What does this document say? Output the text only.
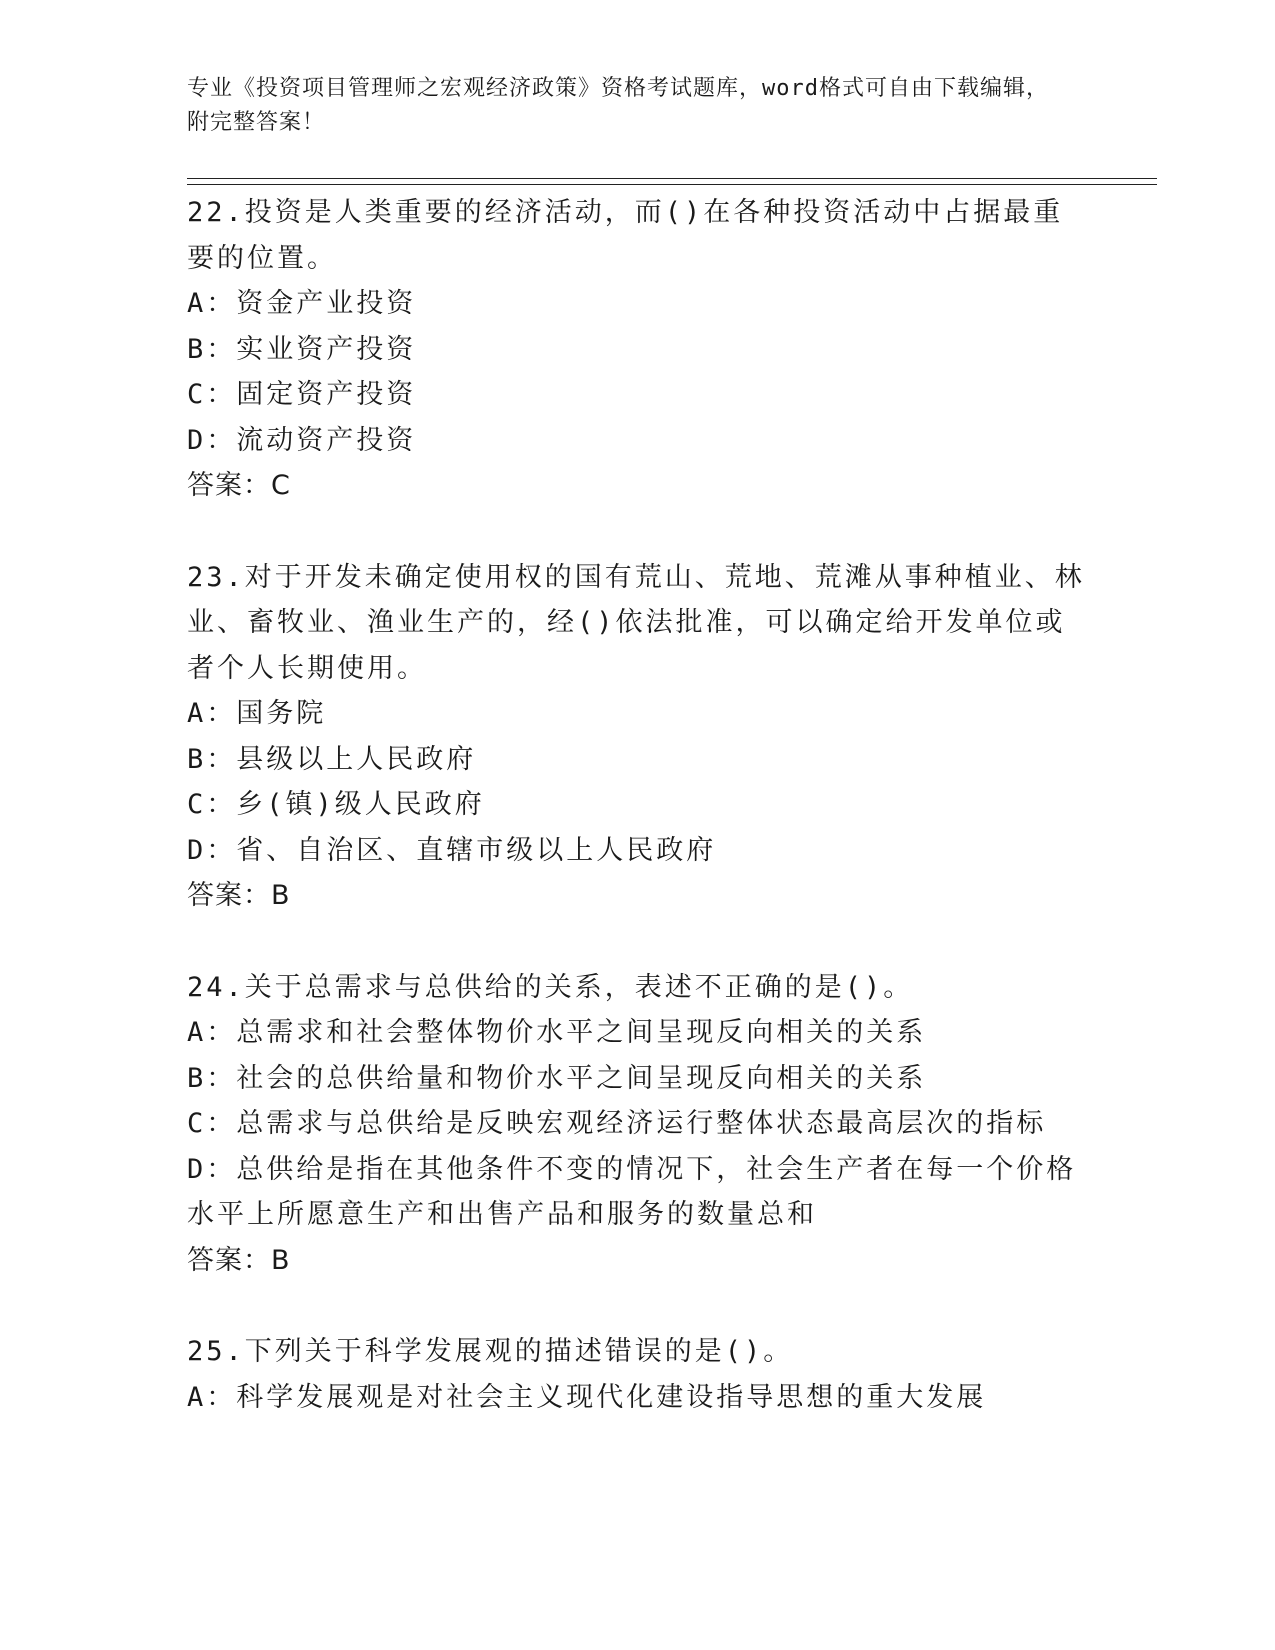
专业《投资项目管理师之宏观经济政策》资格考试题库，word格式可自由下载编辑，附完整答案！
22.投资是人类重要的经济活动，而()在各种投资活动中占据最重要的位置。
A：资金产业投资
B：实业资产投资
C：固定资产投资
D：流动资产投资
答案：C
23.对于开发未确定使用权的国有荒山、荒地、荒滩从事种植业、林业、畜牧业、渔业生产的，经()依法批准，可以确定给开发单位或者个人长期使用。
A：国务院
B：县级以上人民政府
C：乡(镇)级人民政府
D：省、自治区、直辖市级以上人民政府
答案：B
24.关于总需求与总供给的关系，表述不正确的是()。
A：总需求和社会整体物价水平之间呈现反向相关的关系
B：社会的总供给量和物价水平之间呈现反向相关的关系
C：总需求与总供给是反映宏观经济运行整体状态最高层次的指标
D：总供给是指在其他条件不变的情况下，社会生产者在每一个价格水平上所愿意生产和出售产品和服务的数量总和
答案：B
25.下列关于科学发展观的描述错误的是()。
A：科学发展观是对社会主义现代化建设指导思想的重大发展
